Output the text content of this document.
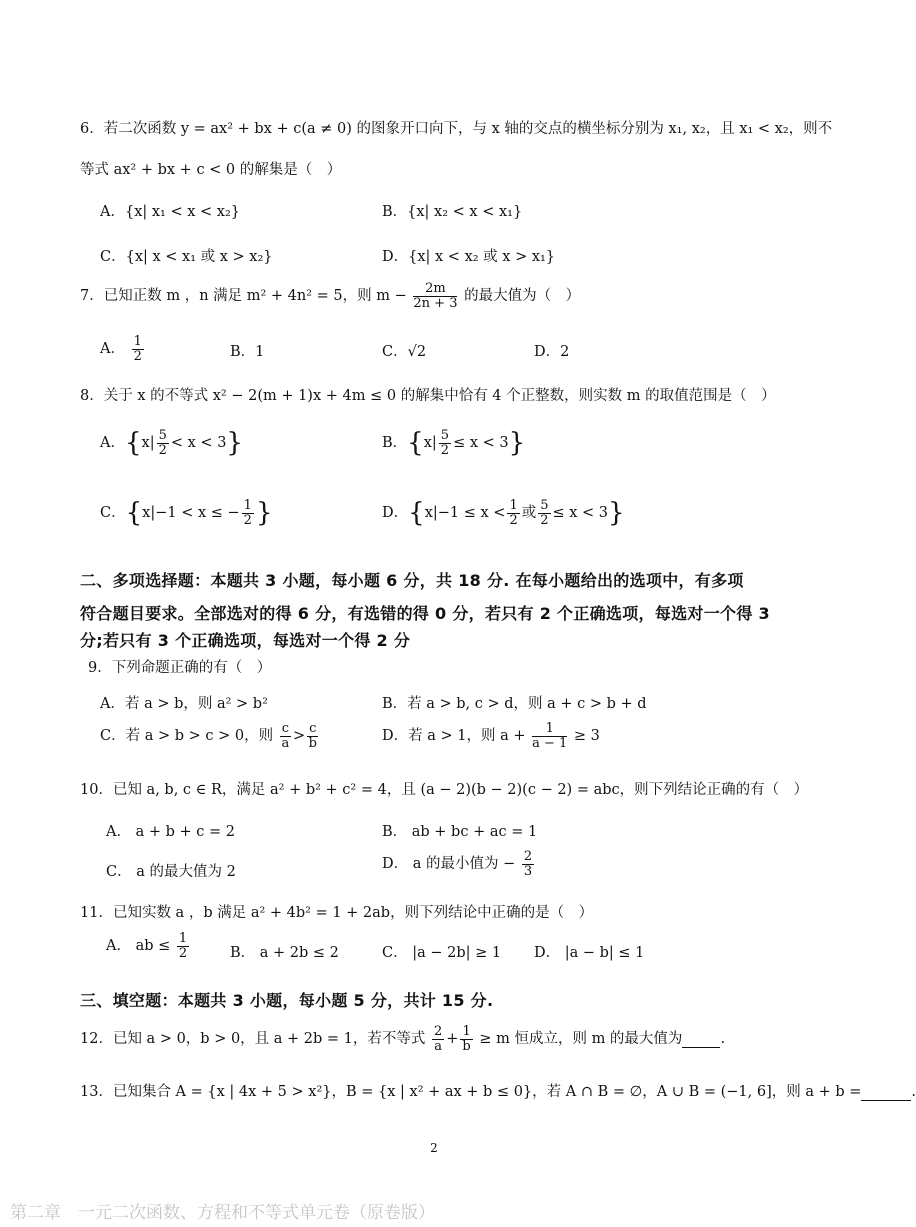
6．若二次函数 y = ax² + bx + c(a ≠ 0) 的图象开口向下，与 x 轴的交点的横坐标分别为 x₁, x₂，且 x₁ < x₂，则不
等式 ax² + bx + c < 0 的解集是（　）
A．{x| x₁ < x < x₂}	B．{x| x₂ < x < x₁}
C．{x| x < x₁ 或 x > x₂}	D．{x| x < x₂ 或 x > x₁}
7．已知正数 m ，n 满足 m² + 4n² = 5，则 $m - \frac{2m}{2n + 3}$ 的最大值为（　）
A． $\frac{1}{2}$	B．1	C．√2	D．2
8．关于 x 的不等式 x² − 2(m + 1)x + 4m ≤ 0 的解集中恰有 4 个正整数，则实数 m 的取值范围是（　）
A．$\{x| \frac{5}{2} < x < 3\}$	B．$\{x| \frac{5}{2} \le x < 3\}$
C．{x|−1 < x ≤ − $\frac{1}{2}$ }	D．{$x|-1 \le x < \frac{1}{2}$ 或 $\frac{5}{2} \le x < 3$}
二、多项选择题：本题共 3 小题，每小题 6 分，共 18 分. 在每小题给出的选项中，有多项
符合题目要求。全部选对的得 6 分，有选错的得 0 分，若只有 2 个正确选项，每选对一个得 3
分;若只有 3 个正确选项，每选对一个得 2 分
9．下列命题正确的有（　）
A．若 a > b，则 a² > b²	B．若 a > b, c > d，则 a + c > b + d
C．若 a > b > c > 0，则 $\frac{c}{a} > \frac{c}{b}$	D．若 a > 1，则 $a + \frac{1}{a - 1} \ge 3$
10．已知 a, b, c ∈ R，满足 a² + b² + c² = 4，且 (a − 2)(b − 2)(c − 2) = abc，则下列结论正确的有（　）
A． a + b + c = 2	B． ab + bc + ac = 1
C． a 的最大值为 2	D． a 的最小值为 − $\frac{2}{3}$
11．已知实数 a ，b 满足 a² + 4b² = 1 + 2ab，则下列结论中正确的是（　）
A． ab ≤ $\frac{1}{2}$	B． a + 2b ≤ 2	C． |a − 2b| ≥ 1 D． |a − b| ≤ 1
三、填空题：本题共 3 小题，每小题 5 分，共计 15 分.
12．已知 a > 0，b > 0，且 a + 2b = 1，若不等式 $\frac{2}{a} + \frac{1}{b} \ge m$ 恒成立，则 m 的最大值为	.
13．已知集合 A = {x | 4x + 5 > x²}，B = {x | x² + ax + b ≤ 0}，若 A ∩ B = ∅，A ∪ B = (−1, 6]，则 a + b =	.
2
第二章　一元二次函数、方程和不等式单元卷（原卷版）
